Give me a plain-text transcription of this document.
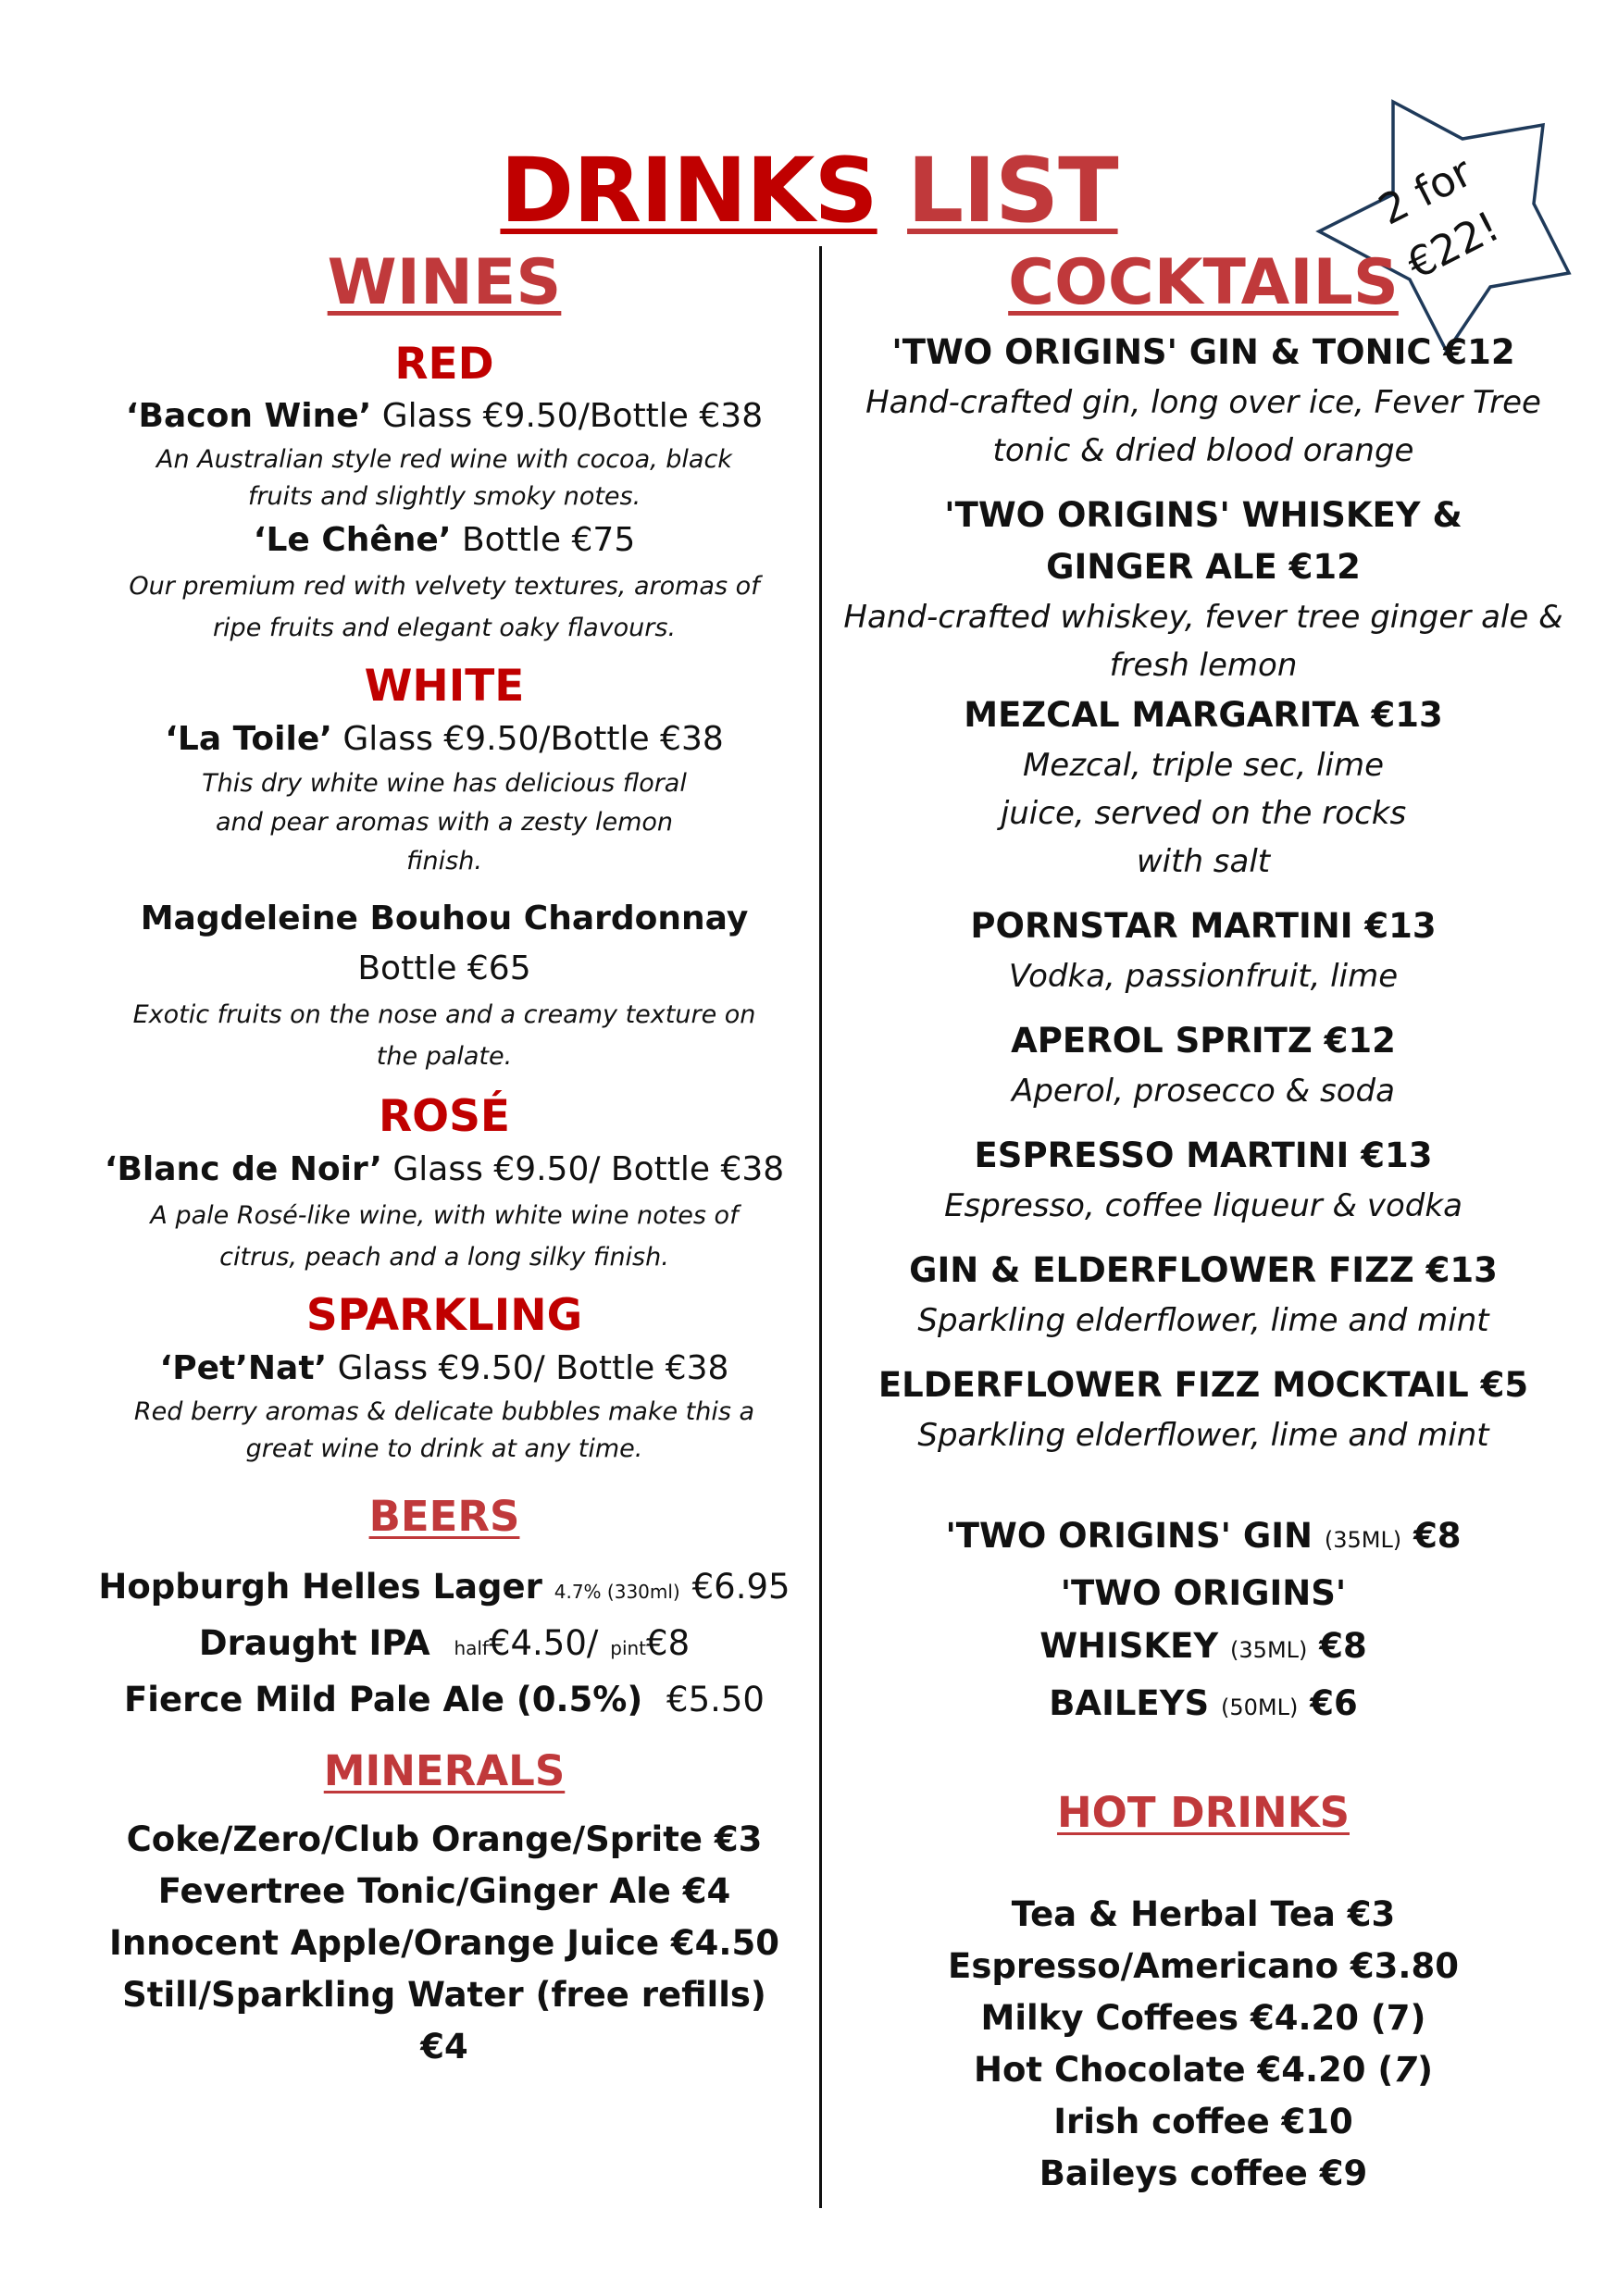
DRINKS LIST	2 for
€22!
WINES
RED
‘Bacon Wine’ Glass €9.50/Bottle €38
An Australian style red wine with cocoa, black fruits and slightly smoky notes.
‘Le Chêne’ Bottle €75
Our premium red with velvety textures, aromas of ripe fruits and elegant oaky flavours.
WHITE
‘La Toile’ Glass €9.50/Bottle €38
This dry white wine has delicious floral and pear aromas with a zesty lemon finish.
Magdeleine Bouhou Chardonnay Bottle €65
Exotic fruits on the nose and a creamy texture on the palate.
ROSÉ
‘Blanc de Noir’ Glass €9.50/ Bottle €38
A pale Rosé-like wine, with white wine notes of citrus, peach and a long silky finish.
SPARKLING
‘Pet’Nat’ Glass €9.50/ Bottle €38
Red berry aromas & delicate bubbles make this a great wine to drink at any time.
BEERS
Hopburgh Helles Lager 4.7% (330ml) €6.95
Draught IPA half€4.50/ pint€8
Fierce Mild Pale Ale (0.5%) €5.50
MINERALS
Coke/Zero/Club Orange/Sprite €3
Fevertree Tonic/Ginger Ale €4
Innocent Apple/Orange Juice €4.50
Still/Sparkling Water (free refills) €4
COCKTAILS
'TWO ORIGINS' GIN & TONIC €12
Hand-crafted gin, long over ice, Fever Tree tonic & dried blood orange
'TWO ORIGINS' WHISKEY & GINGER ALE €12
Hand-crafted whiskey, fever tree ginger ale & fresh lemon
MEZCAL MARGARITA €13
Mezcal, triple sec, lime juice, served on the rocks with salt
PORNSTAR MARTINI €13
Vodka, passionfruit, lime
APEROL SPRITZ €12
Aperol, prosecco & soda
ESPRESSO MARTINI €13
Espresso, coffee liqueur & vodka
GIN & ELDERFLOWER FIZZ €13
Sparkling elderflower, lime and mint
ELDERFLOWER FIZZ MOCKTAIL €5
Sparkling elderflower, lime and mint
'TWO ORIGINS' GIN (35ML) €8
'TWO ORIGINS' WHISKEY (35ML) €8
BAILEYS (50ML) €6
HOT DRINKS
Tea & Herbal Tea €3
Espresso/Americano €3.80
Milky Coffees €4.20 (7)
Hot Chocolate €4.20 (7)
Irish coffee €10
Baileys coffee €9
